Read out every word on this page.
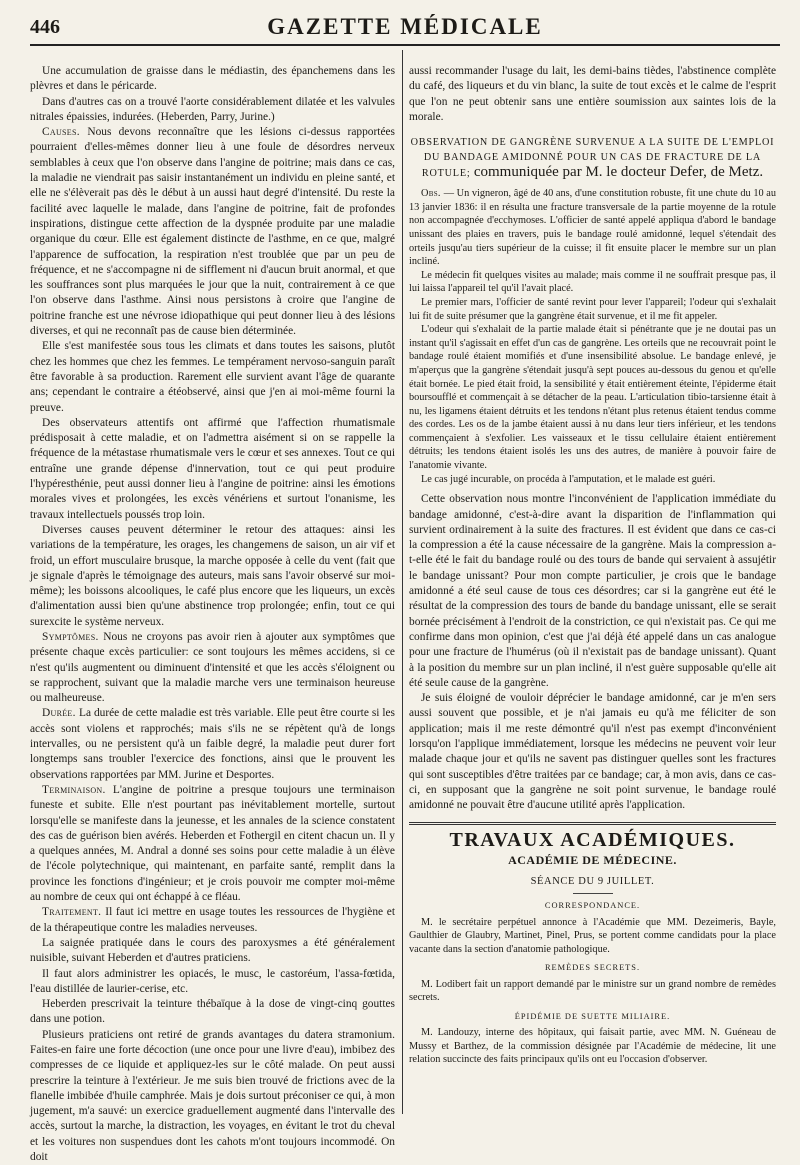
446	GAZETTE MÉDICALE

Une accumulation de graisse dans le médiastin, des épanchemens dans les plèvres et dans le péricarde.

Dans d'autres cas on a trouvé l'aorte considérablement dilatée et les valvules nitrales épaissies, indurées. (Heberden, Parry, Jurine.)

Causes. Nous devons reconnaître que les lésions ci-dessus rapportées pourraient d'elles-mêmes donner lieu à une foule de désordres nerveux semblables à ceux que l'on observe dans l'angine de poitrine; mais dans ce cas, la maladie ne viendrait pas saisir instantanément un individu en pleine santé, et elle ne s'élèverait pas dès le début à un aussi haut degré d'intensité. Du reste la facilité avec laquelle le malade, dans l'angine de poitrine, fait de profondes inspirations, distingue cette affection de la dyspnée produite par une maladie organique du cœur. Elle est également distincte de l'asthme, en ce que, malgré l'apparence de suffocation, la respiration n'est troublée que par un peu de fréquence, et ne s'accompagne ni de sifflement ni d'aucun bruit anormal, et que les souffrances sont plus marquées le jour que la nuit, contrairement à ce que l'on observe dans l'asthme. Ainsi nous persistons à croire que l'angine de poitrine franche est une névrose idiopathique qui peut donner lieu à des lésions diverses, et qui ne reconnaît pas de cause bien déterminée.

Elle s'est manifestée sous tous les climats et dans toutes les saisons, plutôt chez les hommes que chez les femmes. Le tempérament nervoso-sanguin paraît être favorable à sa production. Rarement elle survient avant l'âge de quarante ans; cependant le contraire a étéobservé, ainsi que j'en ai moi-même fourni la preuve.

Des observateurs attentifs ont affirmé que l'affection rhumatismale prédisposait à cette maladie, et on l'admettra aisément si on se rappelle la fréquence de la métastase rhumatismale vers le cœur et ses annexes. Tout ce qui entraîne une grande dépense d'innervation, tout ce qui peut produire l'hypéresthénie, peut aussi donner lieu à l'angine de poitrine: ainsi les émotions morales vives et prolongées, les excès vénériens et surtout l'onanisme, les travaux intellectuels poussés trop loin.

Diverses causes peuvent déterminer le retour des attaques: ainsi les variations de la température, les orages, les changemens de saison, un air vif et froid, un effort musculaire brusque, la marche opposée à celle du vent (fait que je signale d'après le témoignage des auteurs, mais sans l'avoir observé sur moi-même); les boissons alcooliques, le café plus encore que les liqueurs, un excès d'alimentation aussi bien qu'une abstinence trop prolongée; enfin, tout ce qui surexcite le système nerveux.

Symptômes. Nous ne croyons pas avoir rien à ajouter aux symptômes que présente chaque excès particulier: ce sont toujours les mêmes accidens, si ce n'est qu'ils augmentent ou diminuent d'intensité et que les accès s'éloignent ou se rapprochent, suivant que la maladie marche vers une terminaison heureuse ou malheureuse.

Durée. La durée de cette maladie est très variable. Elle peut être courte si les accès sont violens et rapprochés; mais s'ils ne se répètent qu'à de longs intervalles, ou ne persistent qu'à un faible degré, la maladie peut durer fort longtemps sans troubler l'exercice des fonctions, ainsi que le prouvent les observations rapportées par MM. Jurine et Desportes.

Terminaison. L'angine de poitrine a presque toujours une terminaison funeste et subite. Elle n'est pourtant pas inévitablement mortelle, surtout lorsqu'elle se manifeste dans la jeunesse, et les annales de la science constatent des cas de guérison bien avérés. Heberden et Fothergil en citent chacun un. Il y a quelques années, M. Andral a donné ses soins pour cette maladie à un élève de l'école polytechnique, qui maintenant, en parfaite santé, remplit dans la province les fonctions d'ingénieur; et je crois pouvoir me compter moi-même au nombre de ceux qui ont échappé à ce fléau.

Traitement. Il faut ici mettre en usage toutes les ressources de l'hygiène et de la thérapeutique contre les maladies nerveuses.

La saignée pratiquée dans le cours des paroxysmes a été généralement nuisible, suivant Heberden et d'autres praticiens.

Il faut alors administrer les opiacés, le musc, le castoréum, l'assa-fœtida, l'eau distillée de laurier-cerise, etc.

Heberden prescrivait la teinture thébaïque à la dose de vingt-cinq gouttes dans une potion.

Plusieurs praticiens ont retiré de grands avantages du datera stramonium. Faites-en faire une forte décoction (une once pour une livre d'eau), imbibez des compresses de ce liquide et appliquez-les sur le côté malade. On peut aussi prescrire la teinture à l'extérieur. Je me suis bien trouvé de frictions avec de la flanelle imbibée d'huile camphrée. Mais je dois surtout préconiser ce qui, à mon jugement, m'a sauvé: un exercice graduellement augmenté dans l'intervalle des accès, surtout la marche, la distraction, les voyages, en évitant le trot du cheval et les voitures non suspendues dont les cahots m'ont toujours incommodé. On doit

aussi recommander l'usage du lait, les demi-bains tièdes, l'abstinence complète du café, des liqueurs et du vin blanc, la suite de tout excès et le calme de l'esprit que l'on ne peut obtenir sans une entière soumission aux saintes lois de la morale.

OBSERVATION DE GANGRÈNE SURVENUE A LA SUITE DE L'EMPLOI DU BANDAGE AMIDONNÉ POUR UN CAS DE FRACTURE DE LA ROTULE; communiquée par M. le docteur Defer, de Metz.

Obs. — Un vigneron, âgé de 40 ans, d'une constitution robuste, fit une chute du 10 au 13 janvier 1836: il en résulta une fracture transversale de la partie moyenne de la rotule non accompagnée d'ecchymoses. L'officier de santé appelé appliqua d'abord le bandage unissant des plaies en travers, puis le bandage roulé amidonné, lequel s'étendait des orteils jusqu'au tiers supérieur de la cuisse; il fit ensuite placer le membre sur un plan incliné.

Le médecin fit quelques visites au malade; mais comme il ne souffrait presque pas, il lui laissa l'appareil tel qu'il l'avait placé.

Le premier mars, l'officier de santé revint pour lever l'appareil; l'odeur qui s'exhalait lui fit de suite présumer que la gangrène était survenue, et il me fit appeler.

L'odeur qui s'exhalait de la partie malade était si pénétrante que je ne doutai pas un instant qu'il s'agissait en effet d'un cas de gangrène. Les orteils que ne recouvrait point le bandage roulé étaient momifiés et d'une insensibilité absolue. Le bandage enlevé, je m'aperçus que la gangrène s'étendait jusqu'à sept pouces au-dessous du genou et qu'elle était bornée. Le pied était froid, la sensibilité y était entièrement éteinte, l'épiderme était boursoufflé et commençait à se détacher de la peau. L'articulation tibio-tarsienne était à nu, les ligamens étaient détruits et les tendons n'étant plus retenus étaient tendus comme des cordes. Les os de la jambe étaient aussi à nu dans leur tiers inférieur, et les tendons commençaient à s'exfolier. Les vaisseaux et le tissu cellulaire étaient entièrement détruits; les tendons étaient isolés les uns des autres, de manière à pouvoir faire de l'anatomie vivante.

Le cas jugé incurable, on procéda à l'amputation, et le malade est guéri.

Cette observation nous montre l'inconvénient de l'application immédiate du bandage amidonné, c'est-à-dire avant la disparition de l'inflammation qui survient ordinairement à la suite des fractures. Il est évident que dans ce cas-ci la compression a été la cause nécessaire de la gangrène. Mais la compression a-t-elle été le fait du bandage roulé ou des tours de bande qui servaient à assujétir le bandage unissant? Pour mon compte particulier, je crois que le bandage amidonné a été seul cause de tous ces désordres; car si la gangrène eut été le résultat de la compression des tours de bande du bandage unissant, elle se serait bornée précisément à l'endroit de la constriction, ce qui n'existait pas. Ce qui me confirme dans mon opinion, c'est que j'ai déjà été appelé dans un cas analogue pour une fracture de l'humérus (où il n'existait pas de bandage unissant). Quant à la position du membre sur un plan incliné, il n'est guère supposable qu'elle ait été seule cause de la gangrène.

Je suis éloigné de vouloir déprécier le bandage amidonné, car je m'en sers aussi souvent que possible, et je n'ai jamais eu qu'à me féliciter de son application; mais il me reste démontré qu'il n'est pas exempt d'inconvénient lorsqu'on l'applique immédiatement, lorsque les médecins ne peuvent voir leur malade chaque jour et qu'ils ne savent pas distinguer quelles sont les fractures qui sont susceptibles d'être traitées par ce bandage; car, à mon avis, dans ce cas-ci, en supposant que la gangrène ne soit point survenue, le bandage roulé amidonné ne pouvait être d'aucune utilité après l'application.

TRAVAUX ACADÉMIQUES.
ACADÉMIE DE MÉDECINE.
SÉANCE DU 9 JUILLET.
CORRESPONDANCE.

M. le secrétaire perpétuel annonce à l'Académie que MM. Dezeimeris, Bayle, Gaulthier de Glaubry, Martinet, Pinel, Prus, se portent comme candidats pour la place vacante dans la section d'anatomie pathologique.

REMÈDES SECRETS.

M. Lodibert fait un rapport demandé par le ministre sur un grand nombre de remèdes secrets.

ÉPIDÉMIE DE SUETTE MILIAIRE.

M. Landouzy, interne des hôpitaux, qui faisait partie, avec MM. N. Guéneau de Mussy et Barthez, de la commission désignée par l'Académie de médecine, lit une relation succincte des faits principaux qu'ils ont eu l'occasion d'observer.
